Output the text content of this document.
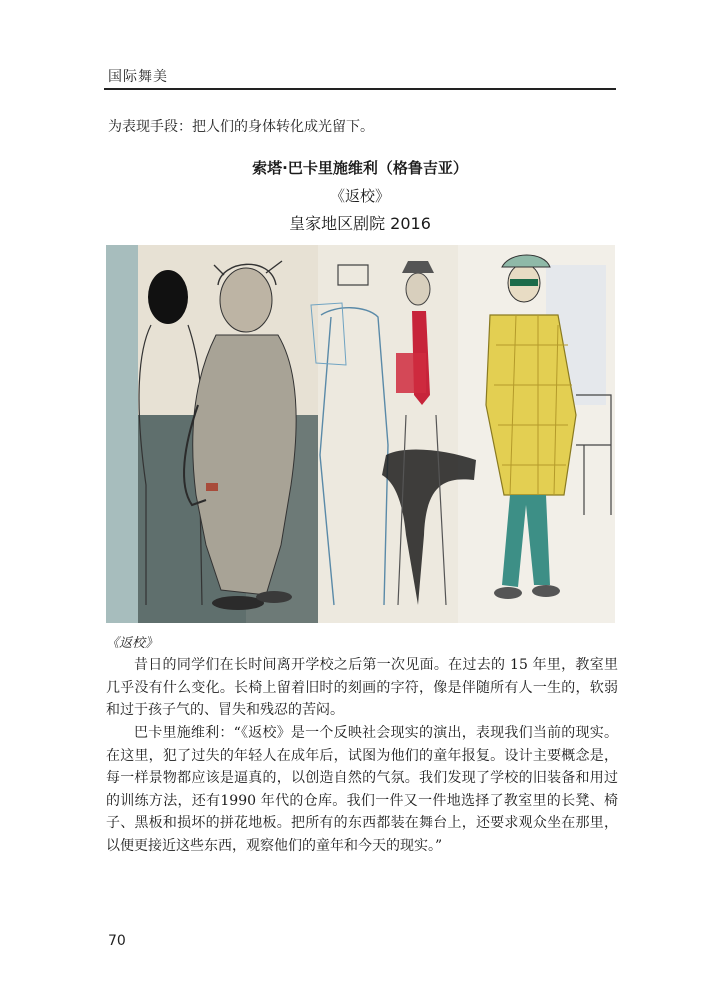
国际舞美
为表现手段：把人们的身体转化成光留下。
索塔·巴卡里施维利（格鲁吉亚）
《返校》
皇家地区剧院 2016
《返校》

昔日的同学们在长时间离开学校之后第一次见面。在过去的 15 年里，教室里几乎没有什么变化。长椅上留着旧时的刻画的字符，像是伴随所有人一生的，软弱和过于孩子气的、冒失和残忍的苦闷。

巴卡里施维利：“《返校》是一个反映社会现实的演出，表现我们当前的现实。在这里，犯了过失的年轻人在成年后，试图为他们的童年报复。设计主要概念是，每一样景物都应该是逼真的，以创造自然的气氛。我们发现了学校的旧装备和用过的训练方法，还有1990 年代的仓库。我们一件又一件地选择了教室里的长凳、椅子、黑板和损坏的拼花地板。把所有的东西都装在舞台上，还要求观众坐在那里，以便更接近这些东西，观察他们的童年和今天的现实。”

70
